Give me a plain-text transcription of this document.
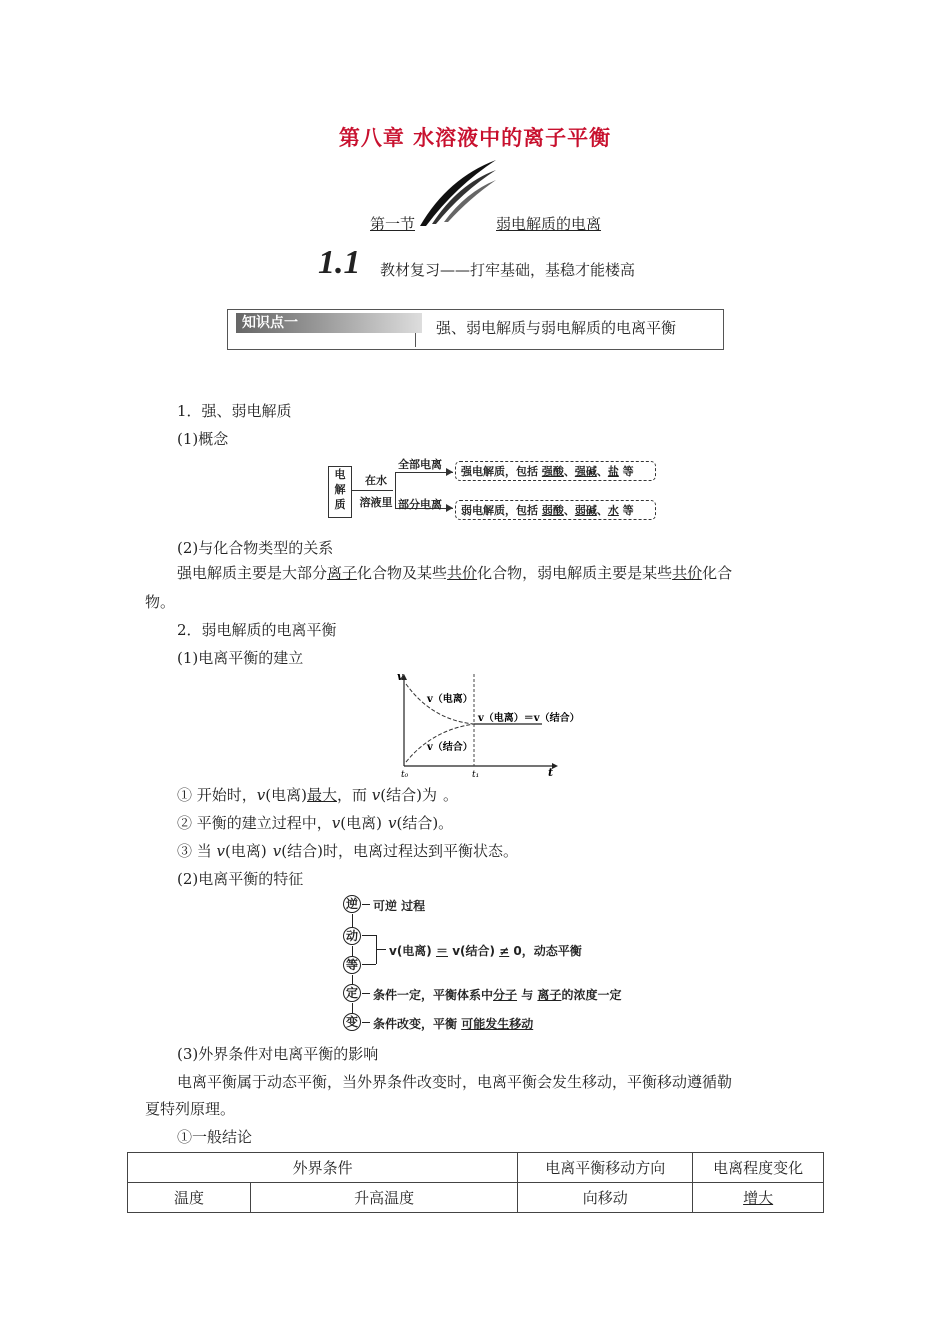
第八章 水溶液中的离子平衡
第一节	弱电解质的电离
1.1 教材复习——打牢基础，基稳才能楼高
知识点一	强、弱电解质与弱电解质的电离平衡
1．强、弱电解质
(1)概念
电
解
质
在水
溶液里
全部电离
部分电离
强电解质，包括 强酸、强碱、盐 等
弱电解质，包括 弱酸、弱碱、水 等
(2)与化合物类型的关系
强电解质主要是大部分离子化合物及某些共价化合物，弱电解质主要是某些共价化合
物。
2．弱电解质的电离平衡
(1)电离平衡的建立
v
t
t₀	t₁
v（电离）
v（结合）
v（电离）＝v（结合）
① 开始时，v(电离)最大，而 v(结合)为 。
② 平衡的建立过程中，v(电离) v(结合)。
③ 当 v(电离) v(结合)时，电离过程达到平衡状态。
(2)电离平衡的特征
逆
动
等
定
变
可逆 过程
v(电离) ＝ v(结合) ≠ 0，动态平衡
条件一定，平衡体系中分子 与 离子的浓度一定
条件改变，平衡 可能发生移动
(3)外界条件对电离平衡的影响
电离平衡属于动态平衡，当外界条件改变时，电离平衡会发生移动，平衡移动遵循勒
夏特列原理。
①一般结论
外界条件		电离平衡移动方向	电离程度变化
温度	升高温度	向移动	增大
